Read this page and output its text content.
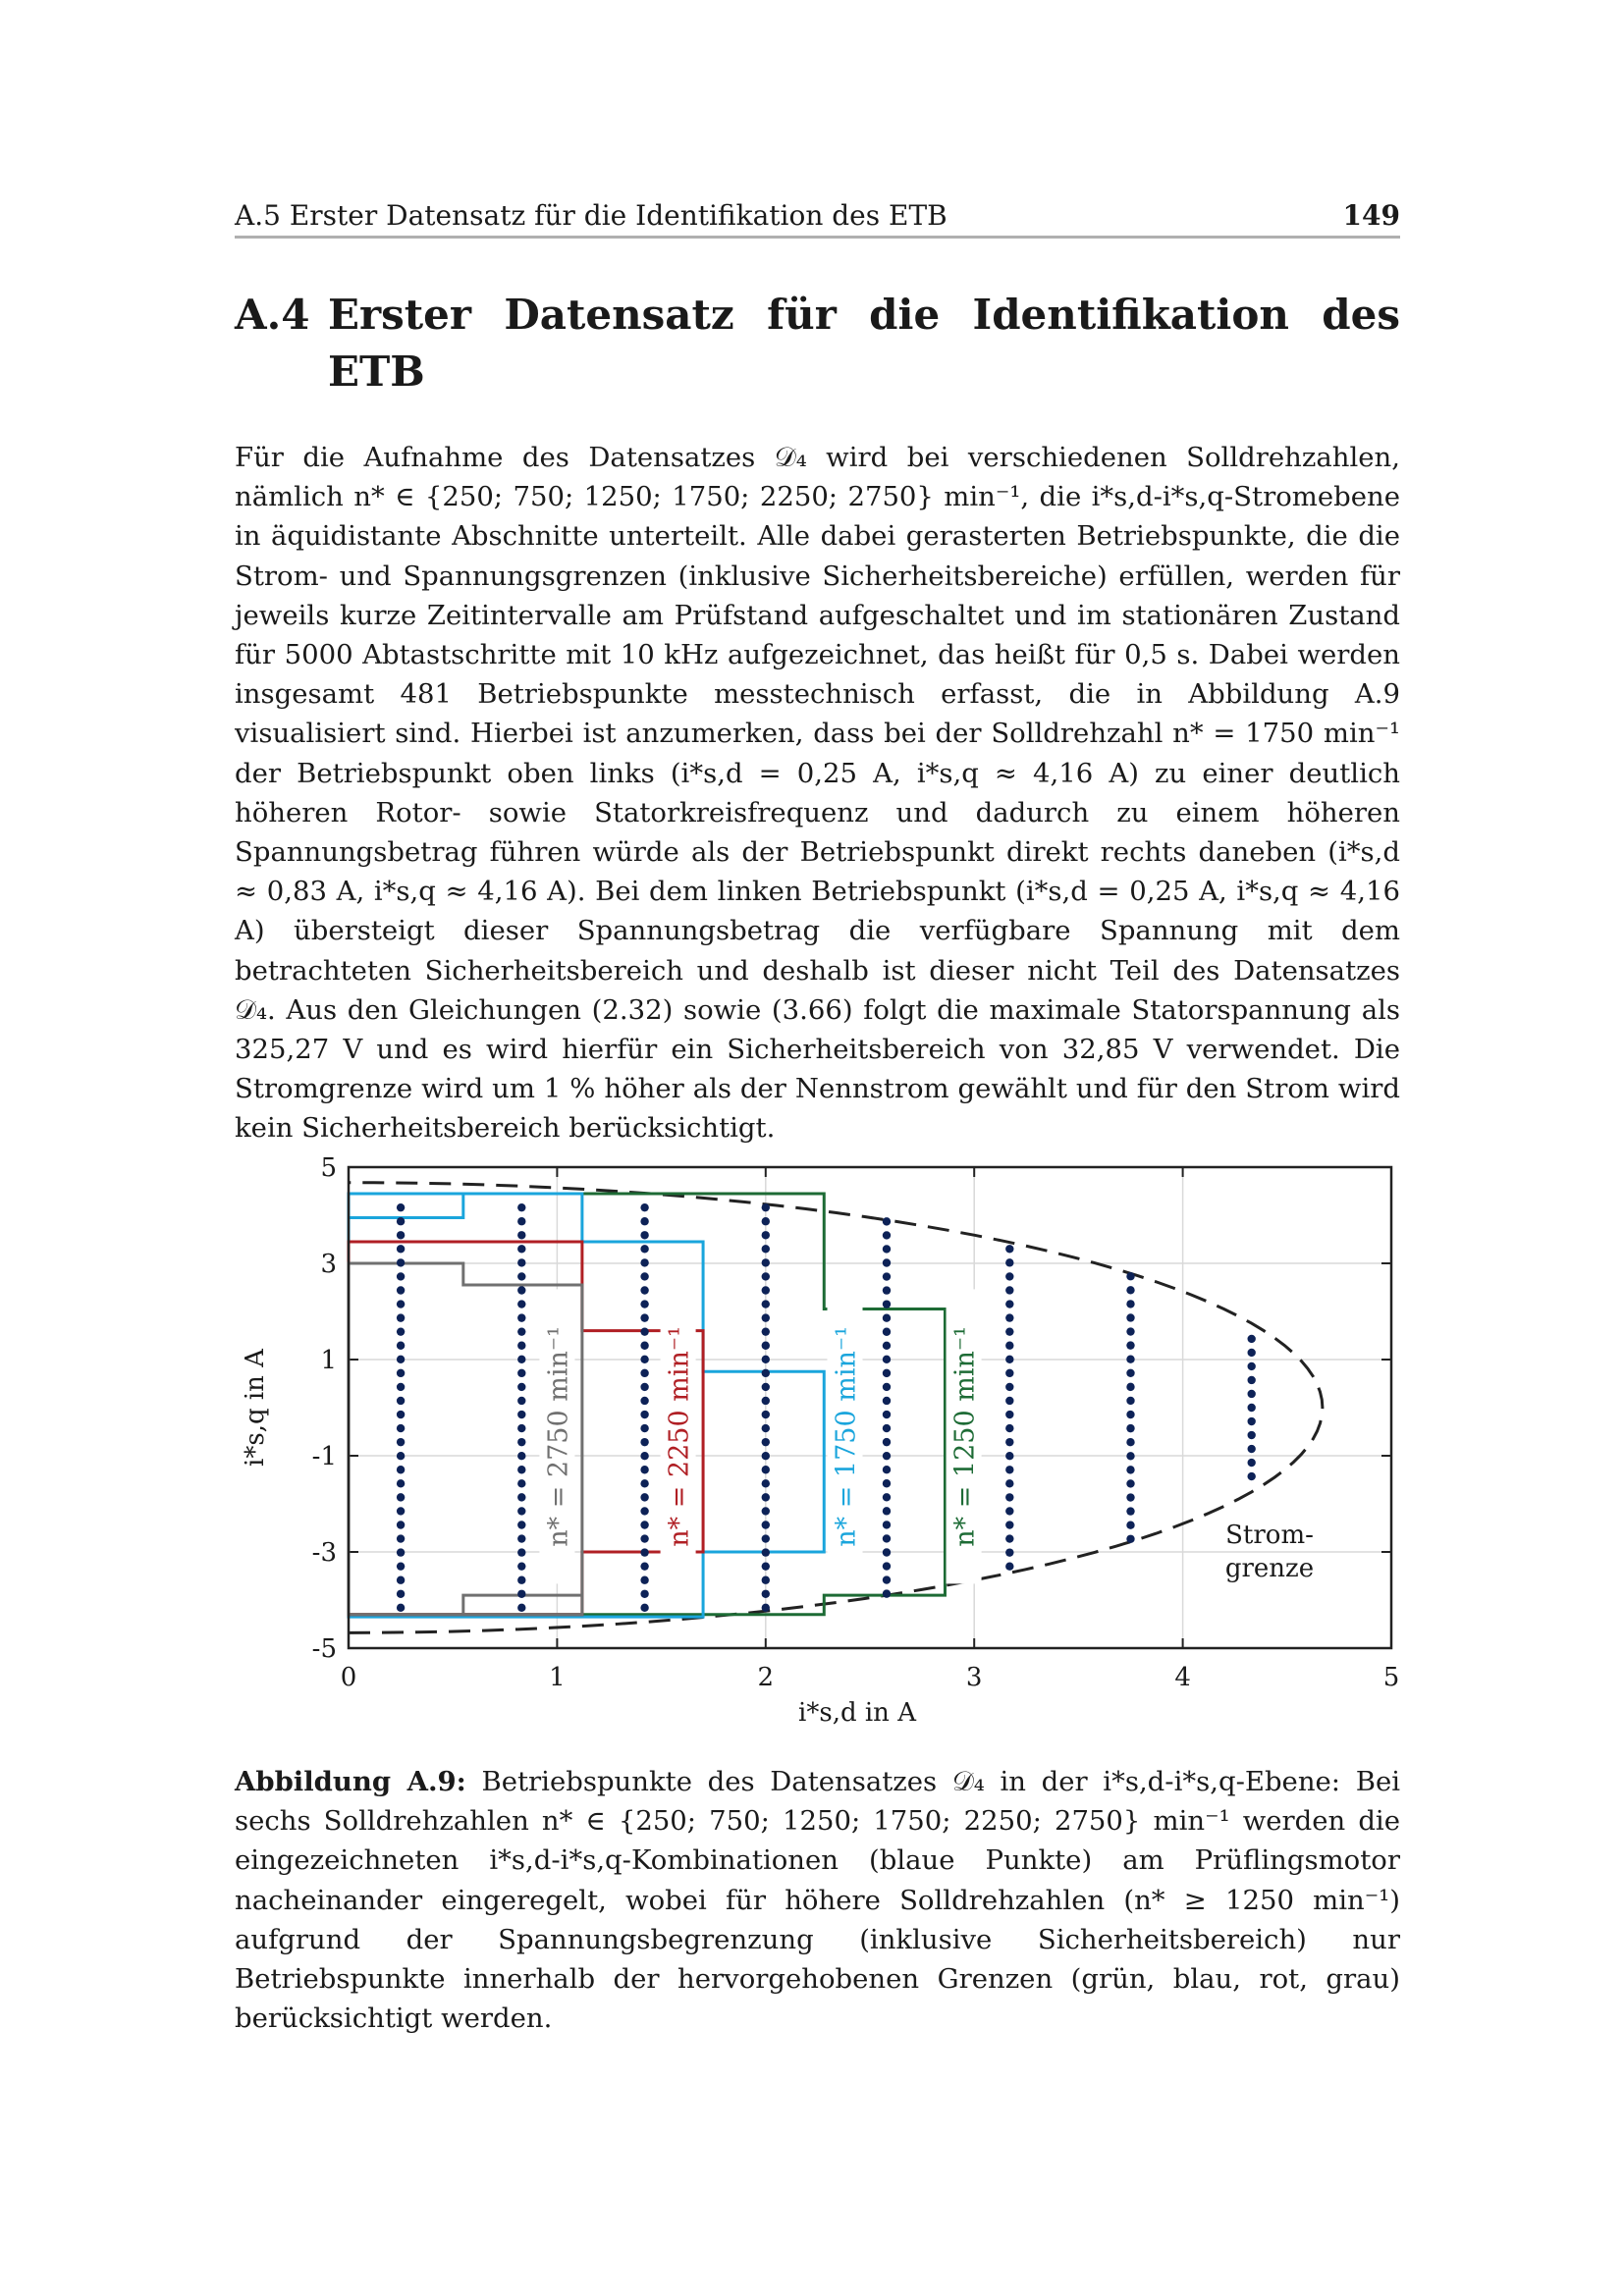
A.5 Erster Datensatz für die Identifikation des ETB	149
A.4 Erster Datensatz für die Identifikation des
ETB

Für die Aufnahme des Datensatzes 𝒟₄ wird bei verschiedenen Solldrehzahlen, nämlich n* ∈ {250; 750; 1250; 1750; 2250; 2750} min⁻¹, die i*s,d-i*s,q-Stromebene in äquidistante Abschnitte unterteilt. Alle dabei gerasterten Betriebspunkte, die die Strom- und Spannungsgrenzen (inklusive Sicherheitsbereiche) erfüllen, werden für jeweils kurze Zeitintervalle am Prüfstand aufgeschaltet und im stationären Zustand für 5000 Abtastschritte mit 10 kHz aufgezeichnet, das heißt für 0,5 s. Dabei werden insgesamt 481 Betriebspunkte messtechnisch erfasst, die in Abbildung A.9 visualisiert sind. Hierbei ist anzumerken, dass bei der Solldrehzahl n* = 1750 min⁻¹ der Betriebspunkt oben links (i*s,d = 0,25 A, i*s,q ≈ 4,16 A) zu einer deutlich höheren Rotor- sowie Statorkreisfrequenz und dadurch zu einem höheren Spannungsbetrag führen würde als der Betriebspunkt direkt rechts daneben (i*s,d ≈ 0,83 A, i*s,q ≈ 4,16 A). Bei dem linken Betriebspunkt (i*s,d = 0,25 A, i*s,q ≈ 4,16 A) übersteigt dieser Spannungsbetrag die verfügbare Spannung mit dem betrachteten Sicherheitsbereich und deshalb ist dieser nicht Teil des Datensatzes 𝒟₄. Aus den Gleichungen (2.32) sowie (3.66) folgt die maximale Statorspannung als 325,27 V und es wird hierfür ein Sicherheitsbereich von 32,85 V verwendet. Die Stromgrenze wird um 1 % höher als der Nennstrom gewählt und für den Strom wird kein Sicherheitsbereich berücksichtigt.

n* = 1250 min⁻¹
n* = 1750 min⁻¹
n* = 2250 min⁻¹
n* = 2750 min⁻¹
0	1	2	3	4	5
5
3
1
-1
-3
-5
i*s,d in A
i*s,q in A
Strom-
grenze

Abbildung A.9: Betriebspunkte des Datensatzes 𝒟₄ in der i*s,d-i*s,q-Ebene: Bei sechs Solldrehzahlen n* ∈ {250; 750; 1250; 1750; 2250; 2750} min⁻¹ werden die eingezeichneten i*s,d-i*s,q-Kombinationen (blaue Punkte) am Prüflingsmotor nacheinander eingeregelt, wobei für höhere Solldrehzahlen (n* ≥ 1250 min⁻¹) aufgrund der Spannungsbegrenzung (inklusive Sicherheitsbereich) nur Betriebspunkte innerhalb der hervorgehobenen Grenzen (grün, blau, rot, grau) berücksichtigt werden.
